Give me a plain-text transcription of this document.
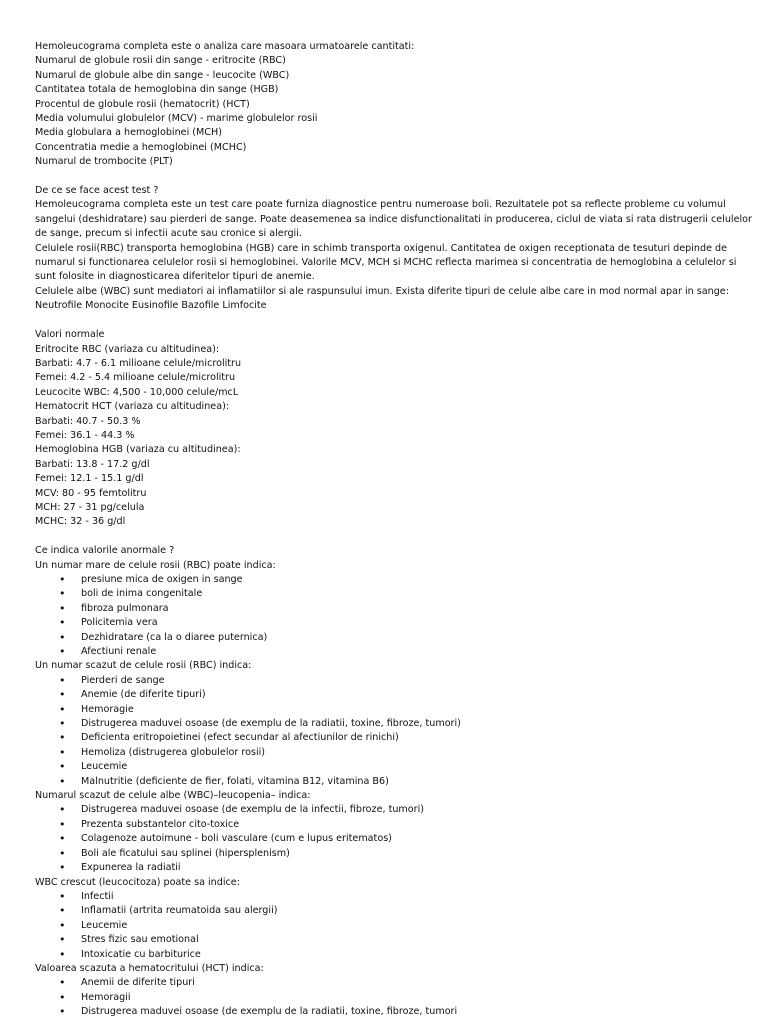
Hemoleucograma completa este o analiza care masoara urmatoarele cantitati:

Numarul de globule rosii din sange - eritrocite (RBC)
Numarul de globule albe din sange - leucocite (WBC)
Cantitatea totala de hemoglobina din sange (HGB)
Procentul de globule rosii (hematocrit) (HCT)
Media volumului globulelor (MCV) - marime globulelor rosii
Media globulara a hemoglobinei (MCH)
Concentratia medie a hemoglobinei (MCHC)
Numarul de trombocite (PLT)

De ce se face acest test ?

Hemoleucograma completa este un test care poate furniza diagnostice pentru numeroase boli. Rezultatele pot sa reflecte probleme cu volumul sangelui (deshidratare) sau pierderi de sange. Poate deasemenea sa indice disfunctionalitati in producerea, ciclul de viata si rata distrugerii celulelor de sange, precum si infectii acute sau cronice si alergii.

Celulele rosii(RBC) transporta hemoglobina (HGB) care in schimb transporta oxigenul. Cantitatea de oxigen receptionata de tesuturi depinde de numarul si functionarea celulelor rosii si hemoglobinei. Valorile MCV, MCH si MCHC reflecta marimea si concentratia de hemoglobina a celulelor si sunt folosite in diagnosticarea diferitelor tipuri de anemie.

Celulele albe (WBC) sunt mediatori ai inflamatiilor si ale raspunsului imun. Exista diferite tipuri de celule albe care in mod normal apar in sange: Neutrofile Monocite Eusinofile Bazofile Limfocite

Valori normale

Eritrocite RBC (variaza cu altitudinea):
Barbati: 4.7 - 6.1 milioane celule/microlitru
Femei: 4.2 - 5.4 milioane celule/microlitru
Leucocite WBC: 4,500 - 10,000 celule/mcL
Hematocrit HCT (variaza cu altitudinea):
Barbati: 40.7 - 50.3 %
Femei: 36.1 - 44.3 %
Hemoglobina HGB (variaza cu altitudinea):
Barbati: 13.8 - 17.2 g/dl
Femei: 12.1 - 15.1 g/dl
MCV: 80 - 95 femtolitru
MCH: 27 - 31 pg/celula
MCHC: 32 - 36 g/dl

Ce indica valorile anormale ?

Un numar mare de celule rosii (RBC) poate indica:

• presiune mica de oxigen in sange
• boli de inima congenitale
• fibroza pulmonara
• Policitemia vera
• Dezhidratare (ca la o diaree puternica)
• Afectiuni renale

Un numar scazut de celule rosii (RBC) indica:

• Pierderi de sange
• Anemie (de diferite tipuri)
• Hemoragie
• Distrugerea maduvei osoase (de exemplu de la radiatii, toxine, fibroze, tumori)
• Deficienta eritropoietinei (efect secundar al afectiunilor de rinichi)
• Hemoliza (distrugerea globulelor rosii)
• Leucemie
• Malnutritie (deficiente de fier, folati, vitamina B12, vitamina B6)

Numarul scazut de celule albe (WBC)–leucopenia– indica:

• Distrugerea maduvei osoase (de exemplu de la infectii, fibroze, tumori)
• Prezenta substantelor cito-toxice
• Colagenoze autoimune - boli vasculare (cum e lupus eritematos)
• Boli ale ficatului sau splinei (hipersplenism)
• Expunerea la radiatii

WBC crescut (leucocitoza) poate sa indice:

• Infectii
• Inflamatii (artrita reumatoida sau alergii)
• Leucemie
• Stres fizic sau emotional
• Intoxicatie cu barbiturice

Valoarea scazuta a hematocritului (HCT) indica:

• Anemii de diferite tipuri
• Hemoragii
• Distrugerea maduvei osoase (de exemplu de la radiatii, toxine, fibroze, tumori
